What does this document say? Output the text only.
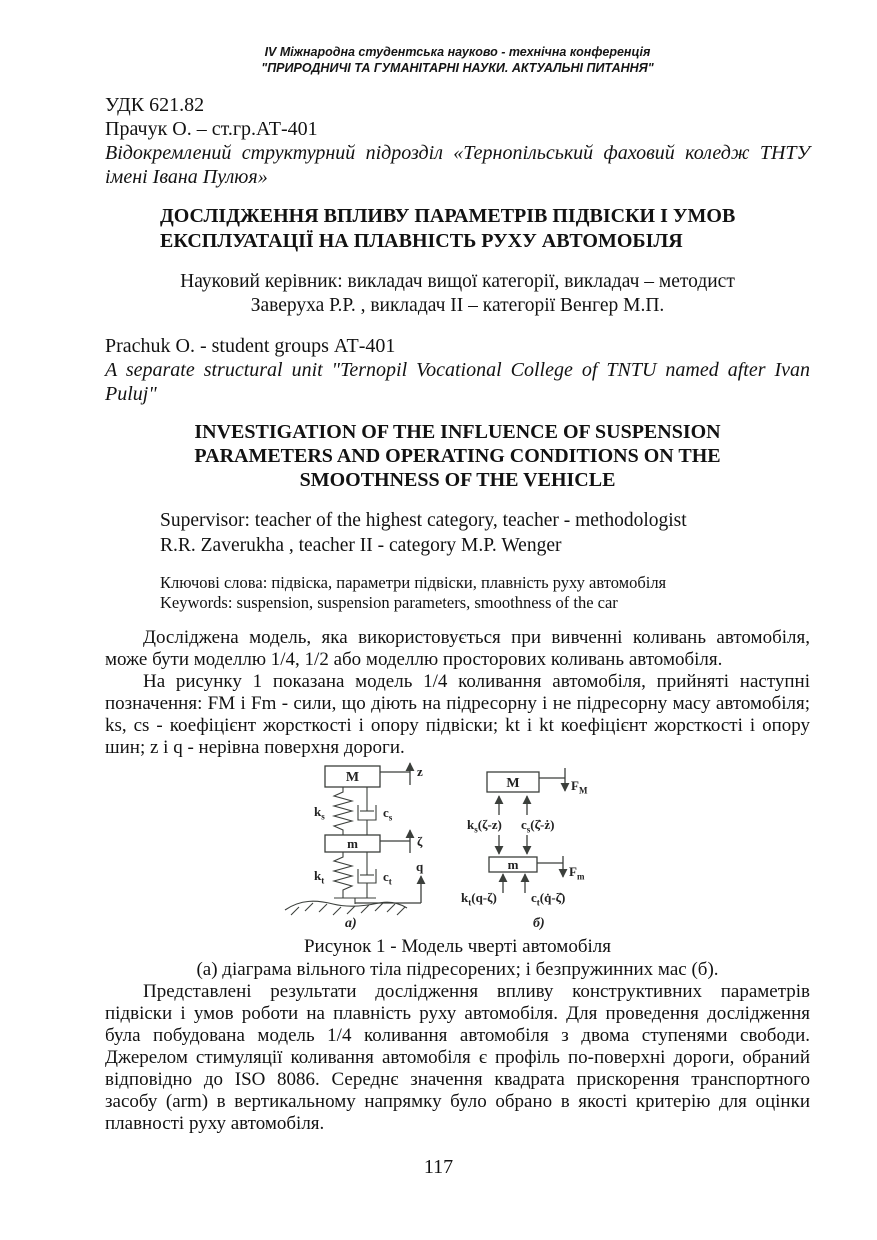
IV Міжнародна студентська науково - технічна конференція
"ПРИРОДНИЧІ ТА ГУМАНІТАРНІ НАУКИ. АКТУАЛЬНІ ПИТАННЯ"
УДК 621.82
Прачук О. – ст.гр.АТ-401
Відокремлений структурний підрозділ «Тернопільський фаховий коледж ТНТУ імені Івана Пулюя»
ДОСЛІДЖЕННЯ ВПЛИВУ ПАРАМЕТРІВ ПІДВІСКИ І УМОВ
ЕКСПЛУАТАЦІЇ НА ПЛАВНІСТЬ РУХУ АВТОМОБІЛЯ
Науковий керівник: викладач вищої категорії, викладач – методист
Заверуха Р.Р. , викладач II – категорії Венгер М.П.
Prachuk O. - student groups АТ-401
A separate structural unit "Ternopil Vocational College of TNTU named after Ivan Puluj"
INVESTIGATION OF THE INFLUENCE OF SUSPENSION
PARAMETERS AND OPERATING CONDITIONS ON THE
SMOOTHNESS OF THE VEHICLE
Supervisor: teacher of the highest category, teacher - methodologist
R.R. Zaverukha , teacher II - category M.P. Wenger
Ключові слова: підвіска, параметри підвіски, плавність руху автомобіля
Keywords: suspension, suspension parameters, smoothness of the car

Досліджена модель, яка використовується при вивченні коливань автомобіля, може бути моделлю 1/4, 1/2 або моделлю просторових коливань автомобіля.

На рисунку 1 показана модель 1/4 коливання автомобіля, прийняті наступні позначення: FM і Fm - сили, що діють на підресорну і не підресорну масу автомобіля; ks, cs - коефіцієнт жорсткості і опору підвіски; kt і kt коефіцієнт жорсткості і опору шин; z і q - нерівна поверхня дороги.

M	z
$k_s$	$c_s$
m	ζ
$k_t$	$c_t$
q
а)
M	$F_M$
$k_s(\zeta-z)$ $c_s(\zetȧ-ż)$
m	$F_m$
$k_t(q-\zeta)$	$c_t(q̇-\zetȧ)$
б)
Рисунок 1 - Модель чверті автомобіля
(а) діаграма вільного тіла підресорених; і безпружинних мас (б).

Представлені результати дослідження впливу конструктивних параметрів підвіски і умов роботи на плавність руху автомобіля. Для проведення дослідження була побудована модель 1/4 коливання автомобіля з двома ступенями свободи. Джерелом стимуляції коливання автомобіля є профіль по-поверхні дороги, обраний відповідно до ISO 8086. Середнє значення квадрата прискорення транспортного засобу (arm) в вертикальному напрямку було обрано в якості критерію для оцінки плавності руху автомобіля.

117
